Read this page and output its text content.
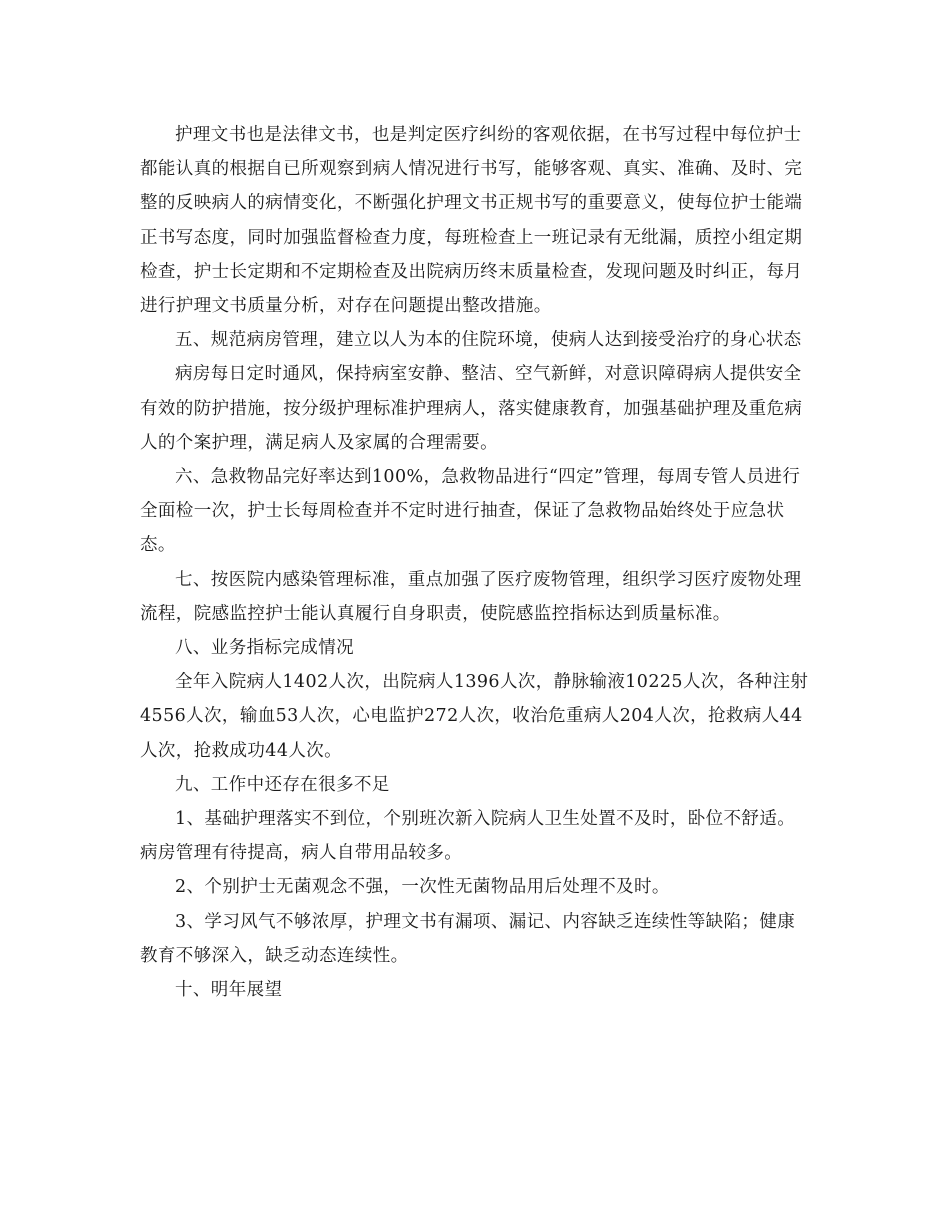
护理文书也是法律文书，也是判定医疗纠纷的客观依据，在书写过程中每位护士都能认真的根据自已所观察到病人情况进行书写，能够客观、真实、准确、及时、完整的反映病人的病情变化，不断强化护理文书正规书写的重要意义，使每位护士能端正书写态度，同时加强监督检查力度，每班检查上一班记录有无纰漏，质控小组定期检查，护士长定期和不定期检查及出院病历终末质量检查，发现问题及时纠正，每月进行护理文书质量分析，对存在问题提出整改措施。

五、规范病房管理，建立以人为本的住院环境，使病人达到接受治疗的身心状态

病房每日定时通风，保持病室安静、整洁、空气新鲜，对意识障碍病人提供安全有效的防护措施，按分级护理标准护理病人，落实健康教育，加强基础护理及重危病人的个案护理，满足病人及家属的合理需要。

六、急救物品完好率达到100%，急救物品进行“四定”管理，每周专管人员进行全面检一次，护士长每周检查并不定时进行抽查，保证了急救物品始终处于应急状态。

七、按医院内感染管理标准，重点加强了医疗废物管理，组织学习医疗废物处理流程，院感监控护士能认真履行自身职责，使院感监控指标达到质量标准。

八、业务指标完成情况

全年入院病人1402人次，出院病人1396人次，静脉输液10225人次，各种注射4556人次，输血53人次，心电监护272人次，收治危重病人204人次，抢救病人44人次，抢救成功44人次。

九、工作中还存在很多不足

1、基础护理落实不到位，个别班次新入院病人卫生处置不及时，卧位不舒适。病房管理有待提高，病人自带用品较多。

2、个别护士无菌观念不强，一次性无菌物品用后处理不及时。

3、学习风气不够浓厚，护理文书有漏项、漏记、内容缺乏连续性等缺陷；健康教育不够深入，缺乏动态连续性。

十、明年展望
